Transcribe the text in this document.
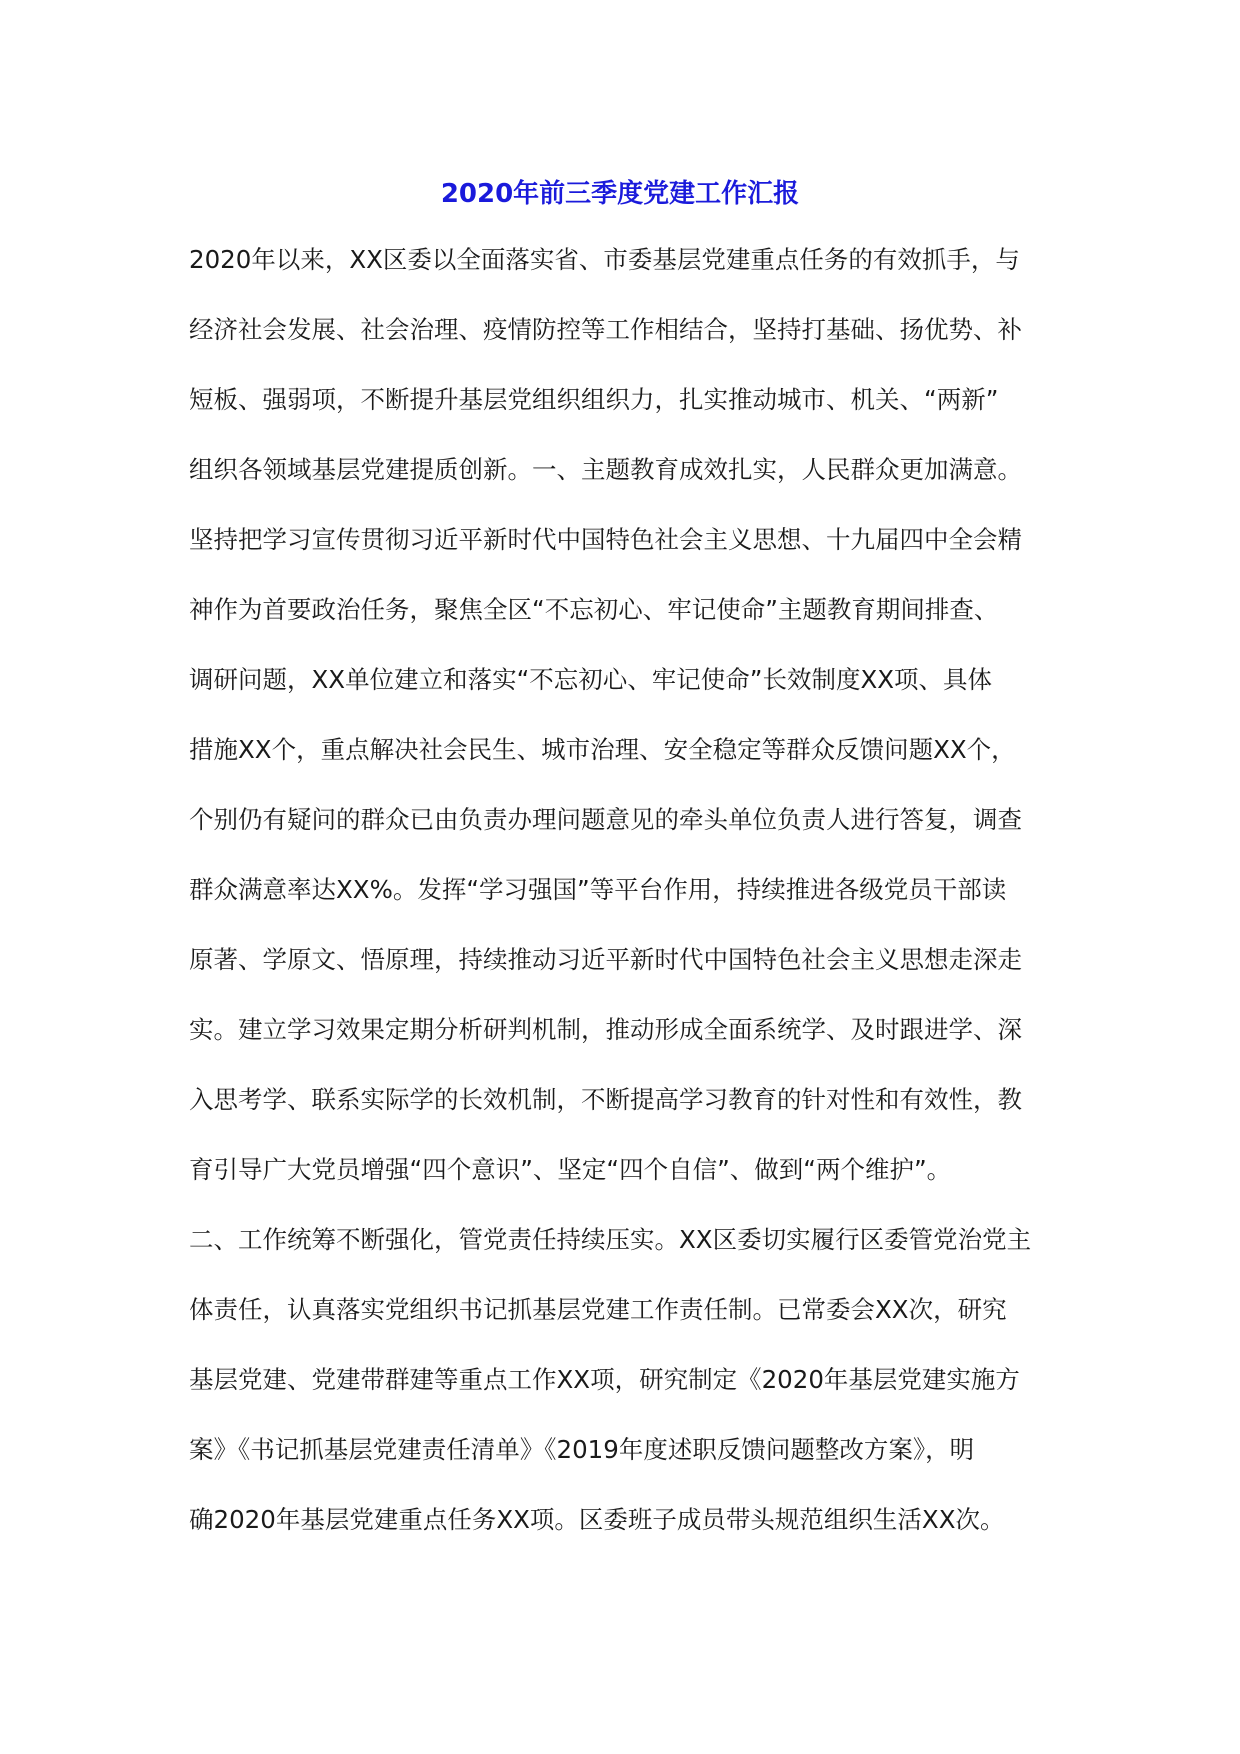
2020年前三季度党建工作汇报
2020年以来，XX区委以全面落实省、市委基层党建重点任务的有效抓手，与
经济社会发展、社会治理、疫情防控等工作相结合，坚持打基础、扬优势、补
短板、强弱项，不断提升基层党组织组织力，扎实推动城市、机关、“两新”
组织各领域基层党建提质创新。一、主题教育成效扎实，人民群众更加满意。
坚持把学习宣传贯彻习近平新时代中国特色社会主义思想、十九届四中全会精
神作为首要政治任务，聚焦全区“不忘初心、牢记使命”主题教育期间排查、
调研问题，XX单位建立和落实“不忘初心、牢记使命”长效制度XX项、具体
措施XX个，重点解决社会民生、城市治理、安全稳定等群众反馈问题XX个，
个别仍有疑问的群众已由负责办理问题意见的牵头单位负责人进行答复，调查
群众满意率达XX%。发挥“学习强国”等平台作用，持续推进各级党员干部读
原著、学原文、悟原理，持续推动习近平新时代中国特色社会主义思想走深走
实。建立学习效果定期分析研判机制，推动形成全面系统学、及时跟进学、深
入思考学、联系实际学的长效机制，不断提高学习教育的针对性和有效性，教
育引导广大党员增强“四个意识”、坚定“四个自信”、做到“两个维护”。
二、工作统筹不断强化，管党责任持续压实。XX区委切实履行区委管党治党主
体责任，认真落实党组织书记抓基层党建工作责任制。已常委会XX次，研究
基层党建、党建带群建等重点工作XX项，研究制定《2020年基层党建实施方
案》《书记抓基层党建责任清单》《2019年度述职反馈问题整改方案》，明
确2020年基层党建重点任务XX项。区委班子成员带头规范组织生活XX次。
